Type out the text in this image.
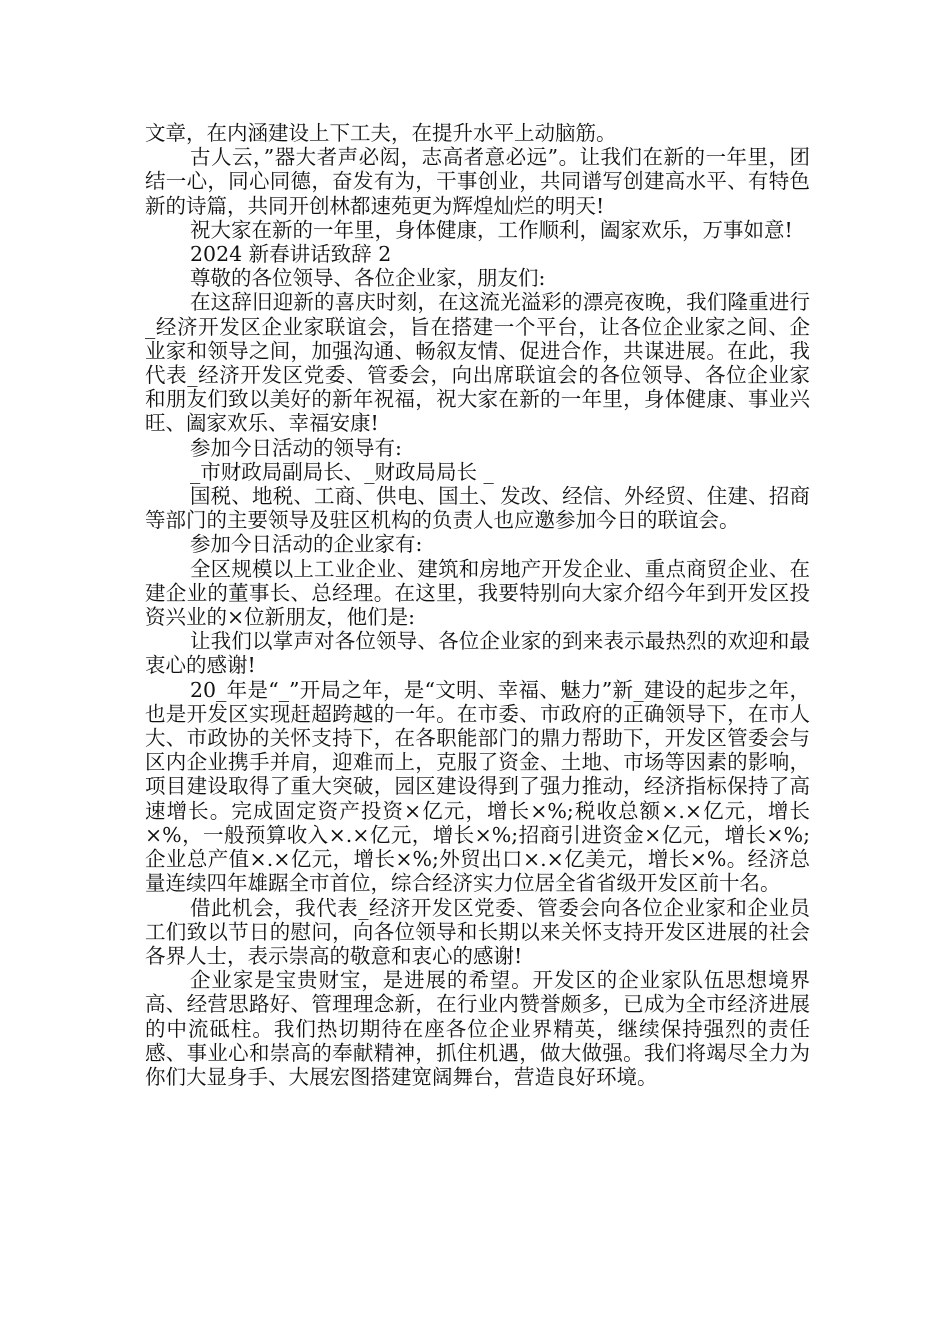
文章，在内涵建设上下工夫，在提升水平上动脑筋。

古人云，”器大者声必闳，志高者意必远”。让我们在新的一年里，团结一心，同心同德，奋发有为，干事创业，共同谱写创建高水平、有特色新的诗篇，共同开创林都速苑更为辉煌灿烂的明天!

祝大家在新的一年里，身体健康，工作顺利，阖家欢乐，万事如意!

2024 新春讲话致辞 2

尊敬的各位领导、各位企业家，朋友们:

在这辞旧迎新的喜庆时刻，在这流光溢彩的漂亮夜晚，我们隆重进行_经济开发区企业家联谊会，旨在搭建一个平台，让各位企业家之间、企业家和领导之间，加强沟通、畅叙友情、促进合作，共谋进展。在此，我代表_经济开发区党委、管委会，向出席联谊会的各位领导、各位企业家和朋友们致以美好的新年祝福，祝大家在新的一年里，身体健康、事业兴旺、阖家欢乐、幸福安康!

参加今日活动的领导有:

_市财政局副局长、_财政局局长 _

国税、地税、工商、供电、国土、发改、经信、外经贸、住建、招商等部门的主要领导及驻区机构的负责人也应邀参加今日的联谊会。

参加今日活动的企业家有:

全区规模以上工业企业、建筑和房地产开发企业、重点商贸企业、在建企业的董事长、总经理。在这里，我要特别向大家介绍今年到开发区投资兴业的×位新朋友，他们是:

让我们以掌声对各位领导、各位企业家的到来表示最热烈的欢迎和最衷心的感谢!

20_年是“_”开局之年，是“文明、幸福、魅力”新_建设的起步之年，也是开发区实现赶超跨越的一年。在市委、市政府的正确领导下，在市人大、市政协的关怀支持下，在各职能部门的鼎力帮助下，开发区管委会与区内企业携手并肩，迎难而上，克服了资金、土地、市场等因素的影响，项目建设取得了重大突破，园区建设得到了强力推动，经济指标保持了高速增长。完成固定资产投资×亿元，增长×%;税收总额×.×亿元，增长×%，一般预算收入×.×亿元，增长×%;招商引进资金×亿元，增长×%;企业总产值×.×亿元，增长×%;外贸出口×.×亿美元，增长×%。经济总量连续四年雄踞全市首位，综合经济实力位居全省省级开发区前十名。

借此机会，我代表_经济开发区党委、管委会向各位企业家和企业员工们致以节日的慰问，向各位领导和长期以来关怀支持开发区进展的社会各界人士，表示崇高的敬意和衷心的感谢!

企业家是宝贵财宝，是进展的希望。开发区的企业家队伍思想境界高、经营思路好、管理理念新，在行业内赞誉颇多，已成为全市经济进展的中流砥柱。我们热切期待在座各位企业界精英，继续保持强烈的责任感、事业心和崇高的奉献精神，抓住机遇，做大做强。我们将竭尽全力为你们大显身手、大展宏图搭建宽阔舞台，营造良好环境。
